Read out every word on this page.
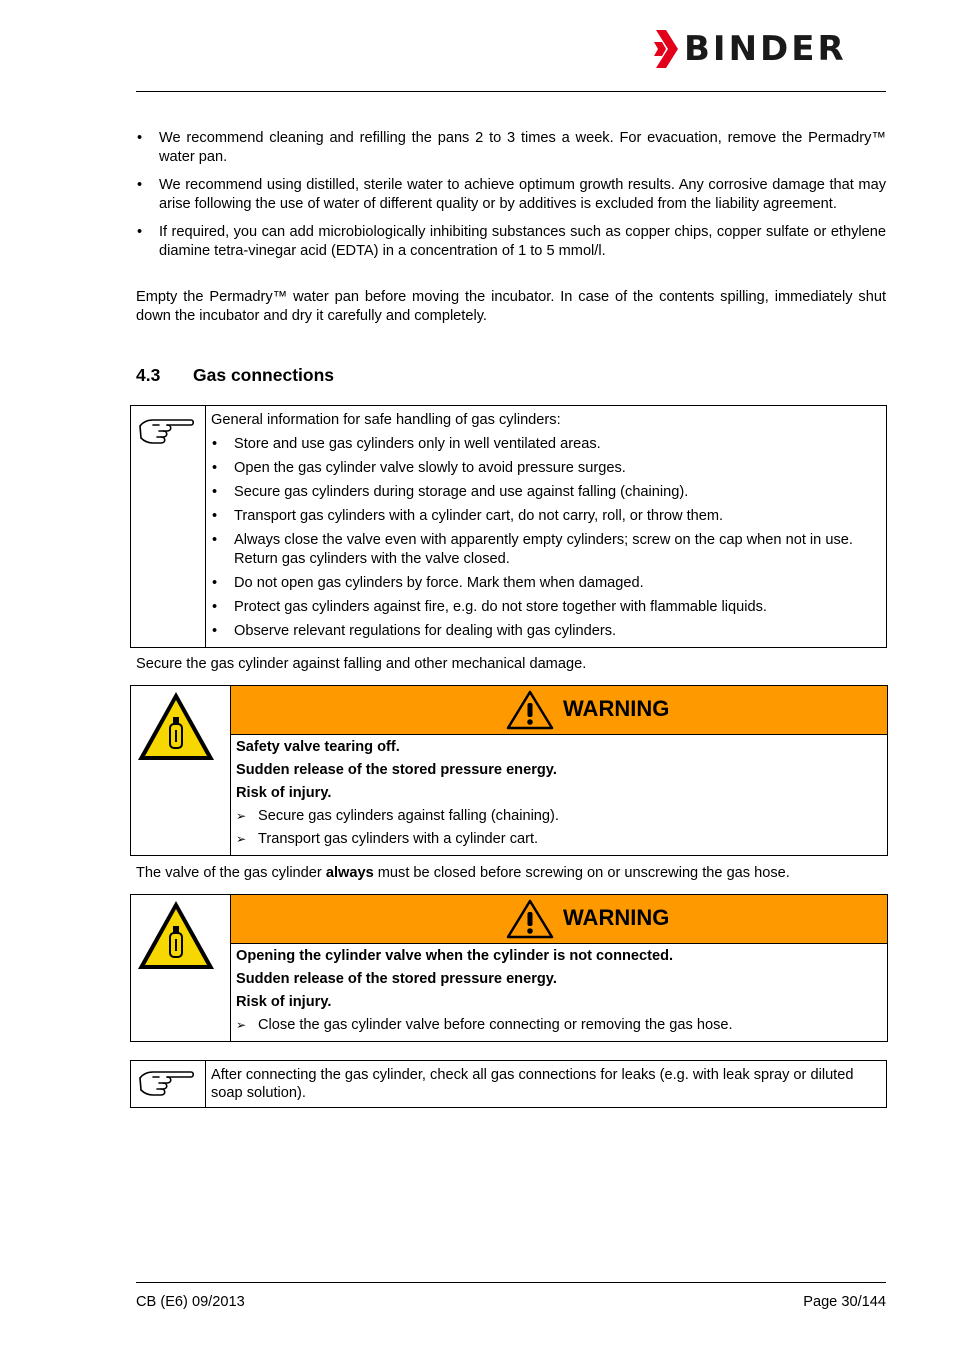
BINDER
• We recommend cleaning and refilling the pans 2 to 3 times a week. For evacuation, remove the Permadry™ water pan.
• We recommend using distilled, sterile water to achieve optimum growth results. Any corrosive damage that may arise following the use of water of different quality or by additives is excluded from the liability agreement.
• If required, you can add microbiologically inhibiting substances such as copper chips, copper sulfate or ethylene diamine tetra-vinegar acid (EDTA) in a concentration of 1 to 5 mmol/l.
Empty the Permadry™ water pan before moving the incubator. In case of the contents spilling, immediately shut down the incubator and dry it carefully and completely.
4.3 Gas connections
General information for safe handling of gas cylinders:
• Store and use gas cylinders only in well ventilated areas.
• Open the gas cylinder valve slowly to avoid pressure surges.
• Secure gas cylinders during storage and use against falling (chaining).
• Transport gas cylinders with a cylinder cart, do not carry, roll, or throw them.
• Always close the valve even with apparently empty cylinders; screw on the cap when not in use. Return gas cylinders with the valve closed.
• Do not open gas cylinders by force. Mark them when damaged.
• Protect gas cylinders against fire, e.g. do not store together with flammable liquids.
• Observe relevant regulations for dealing with gas cylinders.
Secure the gas cylinder against falling and other mechanical damage.
WARNING

Safety valve tearing off.

Sudden release of the stored pressure energy.

Risk of injury.

➢ Secure gas cylinders against falling (chaining).
➢ Transport gas cylinders with a cylinder cart.
The valve of the gas cylinder always must be closed before screwing on or unscrewing the gas hose.
WARNING

Opening the cylinder valve when the cylinder is not connected.

Sudden release of the stored pressure energy.

Risk of injury.

➢ Close the gas cylinder valve before connecting or removing the gas hose.
After connecting the gas cylinder, check all gas connections for leaks (e.g. with leak spray or diluted soap solution).
CB (E6) 09/2013	Page 30/144
